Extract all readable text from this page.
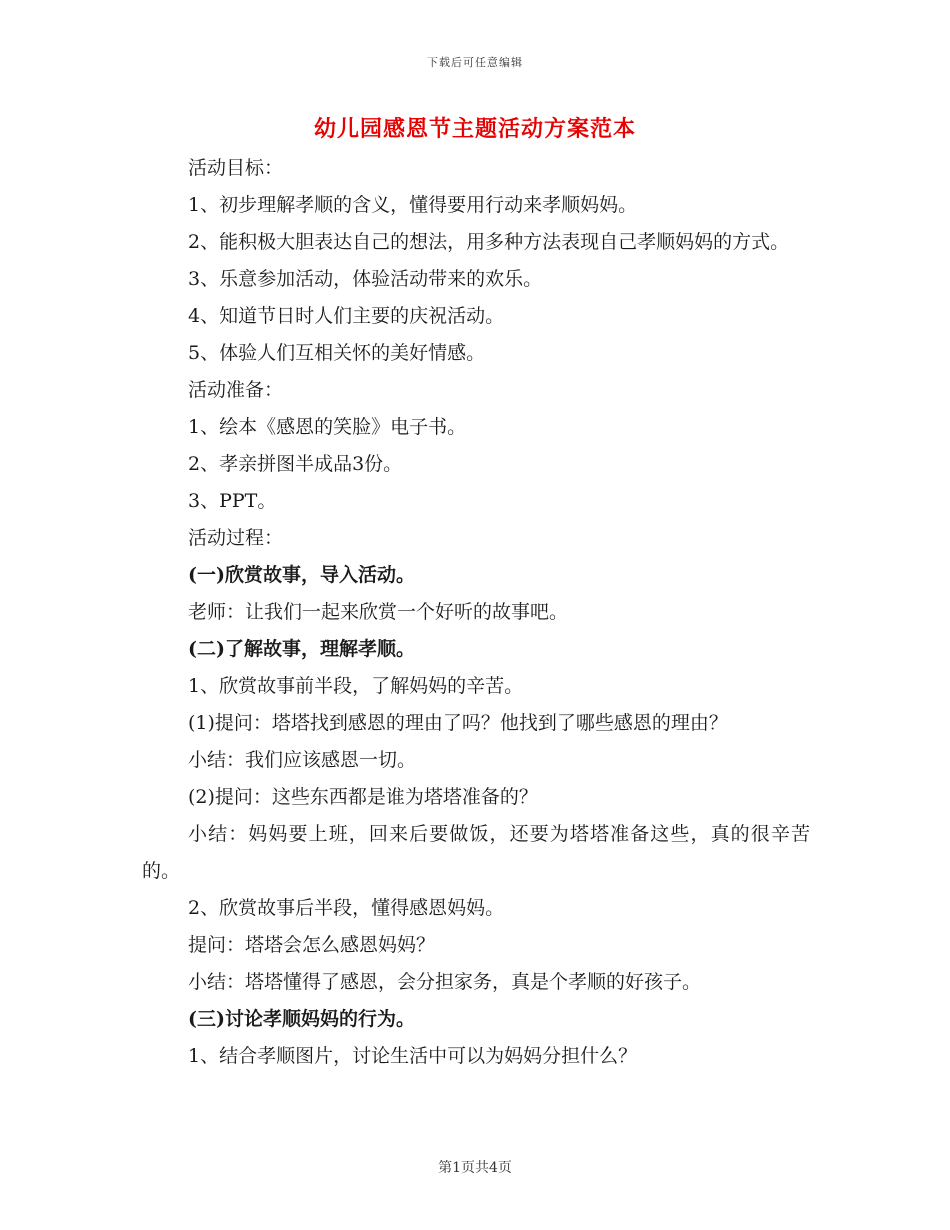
下载后可任意编辑
幼儿园感恩节主题活动方案范本

活动目标：

1、初步理解孝顺的含义，懂得要用行动来孝顺妈妈。

2、能积极大胆表达自己的想法，用多种方法表现自己孝顺妈妈的方式。

3、乐意参加活动，体验活动带来的欢乐。

4、知道节日时人们主要的庆祝活动。

5、体验人们互相关怀的美好情感。

活动准备：

1、绘本《感恩的笑脸》电子书。

2、孝亲拼图半成品3份。

3、PPT。

活动过程：

(一)欣赏故事，导入活动。

老师：让我们一起来欣赏一个好听的故事吧。

(二)了解故事，理解孝顺。

1、欣赏故事前半段，了解妈妈的辛苦。

(1)提问：塔塔找到感恩的理由了吗？他找到了哪些感恩的理由？

小结：我们应该感恩一切。

(2)提问：这些东西都是谁为塔塔准备的？

小结：妈妈要上班，回来后要做饭，还要为塔塔准备这些，真的很辛苦的。

2、欣赏故事后半段，懂得感恩妈妈。

提问：塔塔会怎么感恩妈妈？

小结：塔塔懂得了感恩，会分担家务，真是个孝顺的好孩子。

(三)讨论孝顺妈妈的行为。

1、结合孝顺图片，讨论生活中可以为妈妈分担什么？

第1页共4页
